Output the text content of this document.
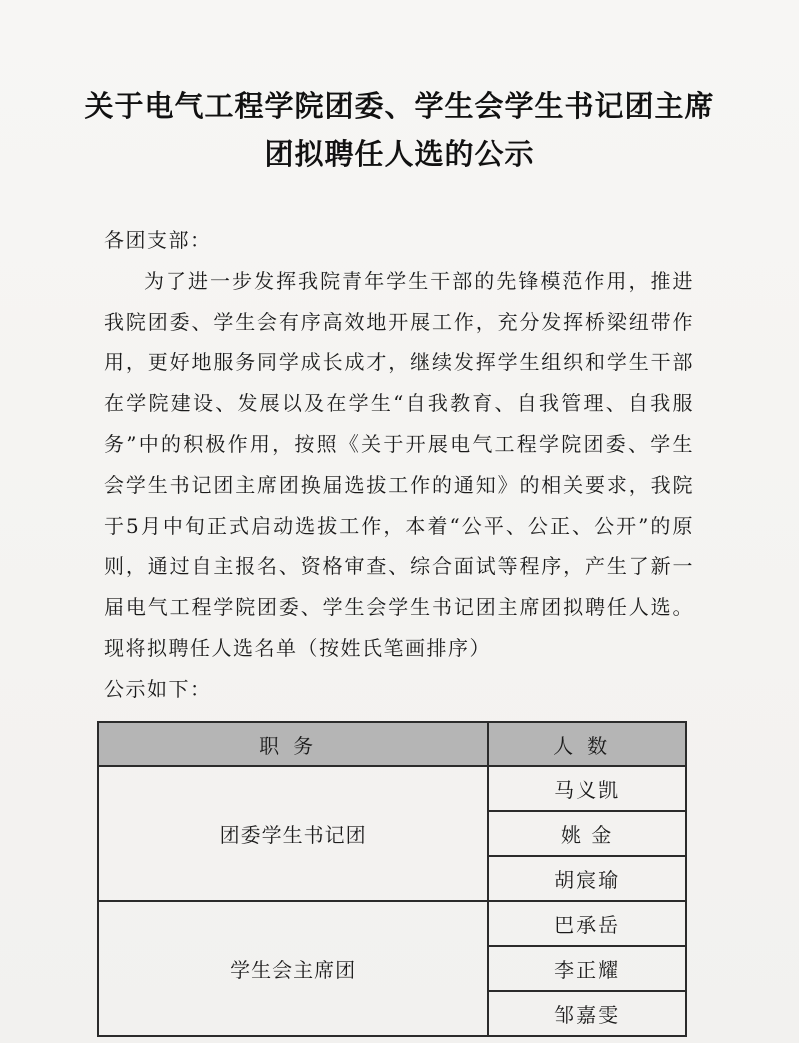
关于电气工程学院团委、学生会学生书记团主席
团拟聘任人选的公示
各团支部：
为了进一步发挥我院青年学生干部的先锋模范作用，推进我院团委、学生会有序高效地开展工作，充分发挥桥梁纽带作用，更好地服务同学成长成才，继续发挥学生组织和学生干部在学院建设、发展以及在学生“自我教育、自我管理、自我服务”中的积极作用，按照《关于开展电气工程学院团委、学生会学生书记团主席团换届选拔工作的通知》的相关要求，我院于5月中旬正式启动选拔工作，本着“公平、公正、公开”的原则，通过自主报名、资格审查、综合面试等程序，产生了新一届电气工程学院团委、学生会学生书记团主席团拟聘任人选。现将拟聘任人选名单（按姓氏笔画排序）
公示如下：
职务	人数
团委学生书记团	马义凯
	姚 金
	胡宸瑜
学生会主席团	巴承岳
	李正耀
	邹嘉雯
